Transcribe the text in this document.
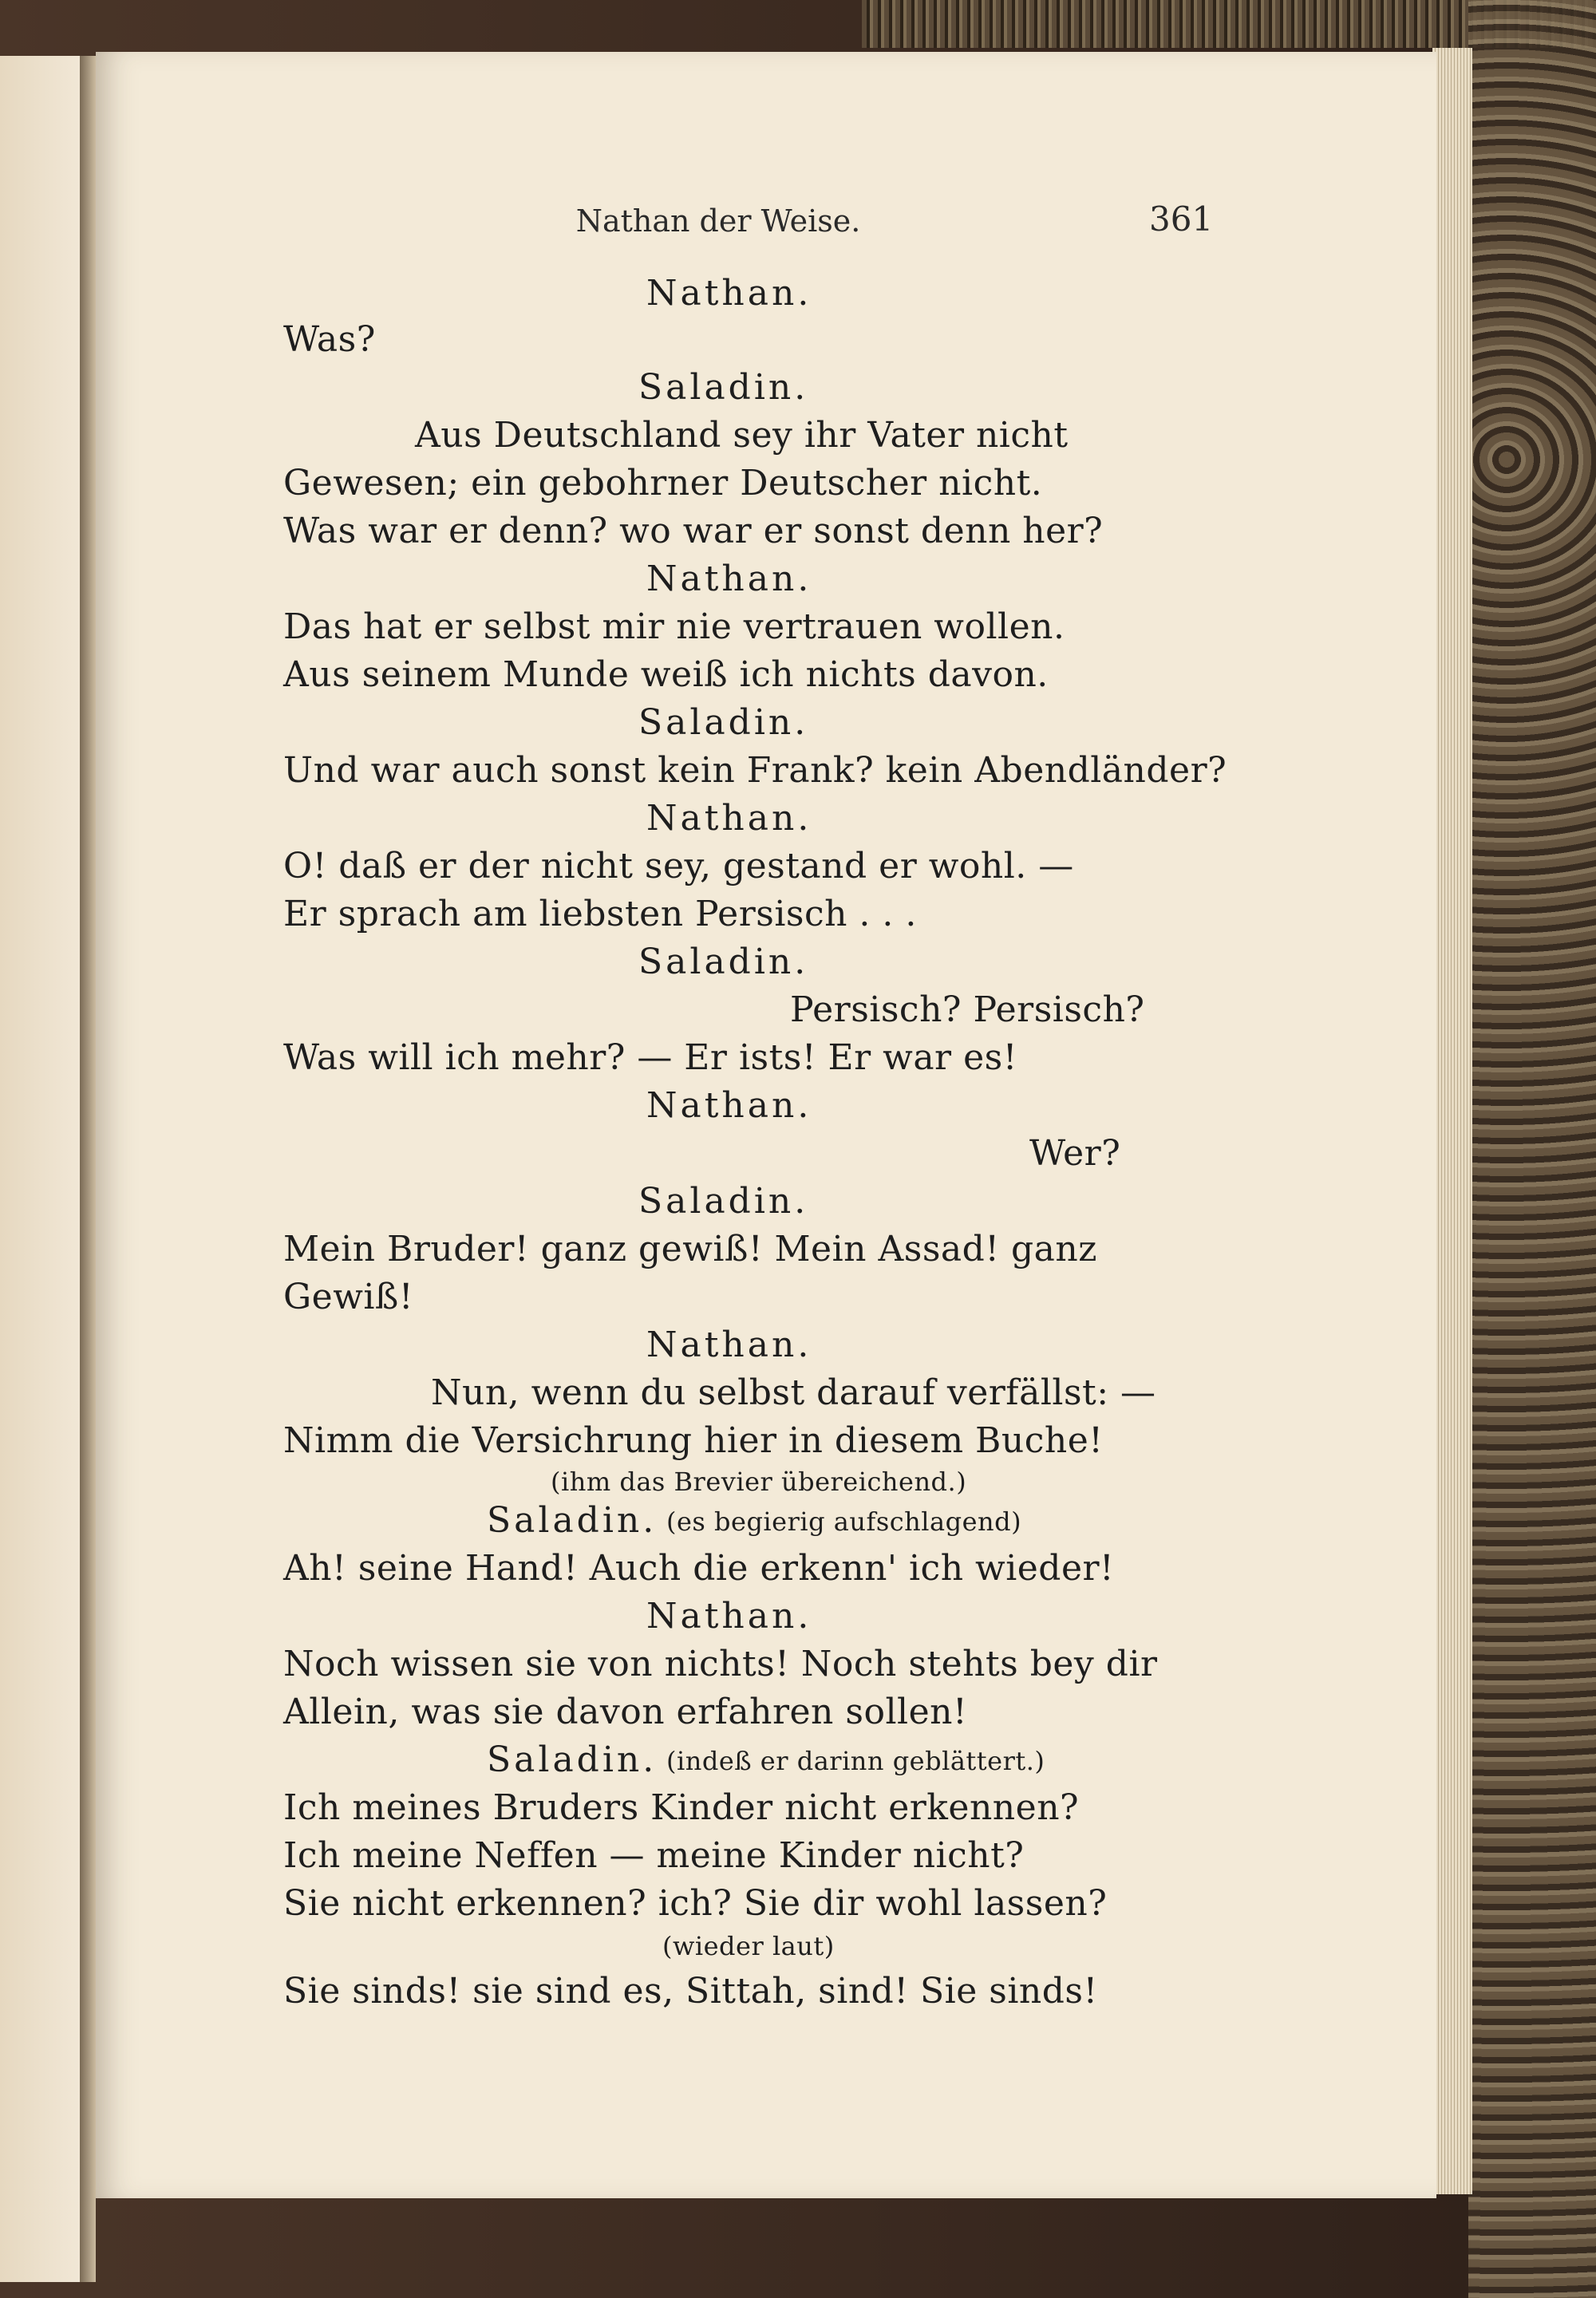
Nathan der Weise.	361
Nathan.
Was?
Saladin.
Aus Deutschland sey ihr Vater nicht
Gewesen; ein gebohrner Deutscher nicht.
Was war er denn? wo war er sonst denn her?
Nathan.
Das hat er selbst mir nie vertrauen wollen.
Aus seinem Munde weiß ich nichts davon.
Saladin.
Und war auch sonst kein Frank? kein Abendländer?
Nathan.
O! daß er der nicht sey, gestand er wohl. —
Er sprach am liebsten Persisch . . .
Saladin.
Persisch? Persisch?
Was will ich mehr? — Er ists! Er war es!
Nathan.
Wer?
Saladin.
Mein Bruder! ganz gewiß! Mein Assad! ganz
Gewiß!
Nathan.
Nun, wenn du selbst darauf verfällst: —
Nimm die Versichrung hier in diesem Buche!
(ihm das Brevier übereichend.)
Saladin. (es begierig aufschlagend)
Ah! seine Hand! Auch die erkenn' ich wieder!
Nathan.
Noch wissen sie von nichts! Noch stehts bey dir
Allein, was sie davon erfahren sollen!
Saladin. (indeß er darinn geblättert.)
Ich meines Bruders Kinder nicht erkennen?
Ich meine Neffen — meine Kinder nicht?
Sie nicht erkennen? ich? Sie dir wohl lassen?
(wieder laut)
Sie sinds! sie sind es, Sittah, sind! Sie sinds!
